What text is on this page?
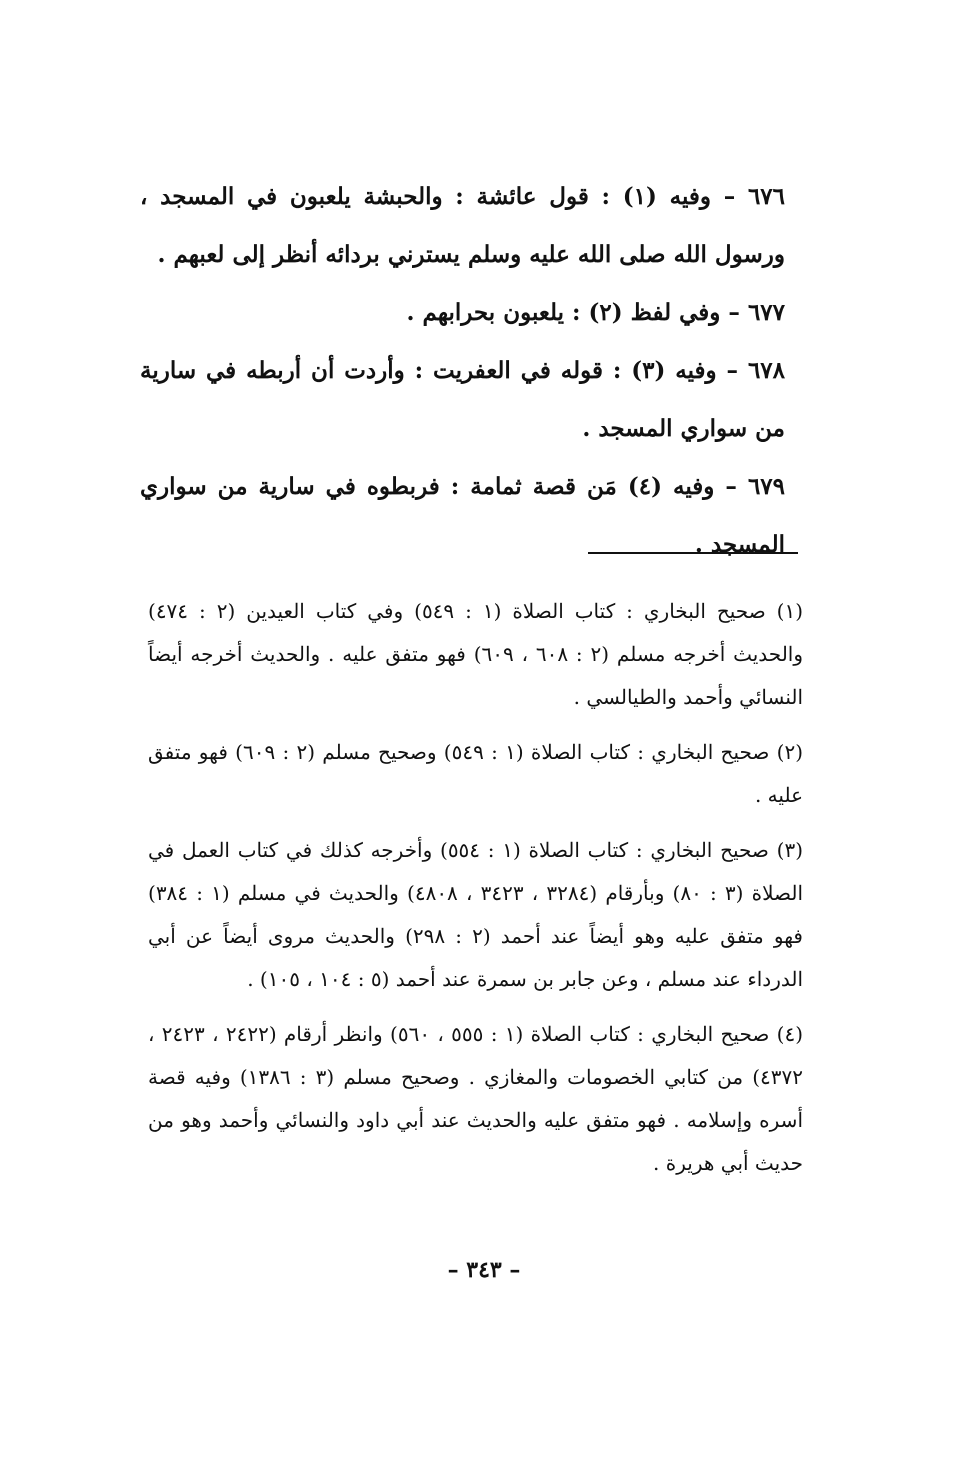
٦٧٦ – وفيه (١) : قول عائشة : والحبشة يلعبون في المسجد ، ورسول الله صلى الله عليه وسلم يسترني بردائه أنظر إلى لعبهم .

٦٧٧ – وفي لفظ (٢) : يلعبون بحرابهم .

٦٧٨ – وفيه (٣) : قوله في العفريت : وأردت أن أربطه في سارية من سواري المسجد .

٦٧٩ – وفيه (٤) مَن قصة ثمامة : فربطوه في سارية من سواري المسجد .

(١) صحيح البخاري : كتاب الصلاة (١ : ٥٤٩) وفي كتاب العيدين (٢ : ٤٧٤) والحديث أخرجه مسلم (٢ : ٦٠٨ ، ٦٠٩) فهو متفق عليه . والحديث أخرجه أيضاً النسائي وأحمد والطيالسي .

(٢) صحيح البخاري : كتاب الصلاة (١ : ٥٤٩) وصحيح مسلم (٢ : ٦٠٩) فهو متفق عليه .

(٣) صحيح البخاري : كتاب الصلاة (١ : ٥٥٤) وأخرجه كذلك في كتاب العمل في الصلاة (٣ : ٨٠) وبأرقام (٣٢٨٤ ، ٣٤٢٣ ، ٤٨٠٨) والحديث في مسلم (١ : ٣٨٤) فهو متفق عليه وهو أيضاً عند أحمد (٢ : ٢٩٨) والحديث مروى أيضاً عن أبي الدرداء عند مسلم ، وعن جابر بن سمرة عند أحمد (٥ : ١٠٤ ، ١٠٥) .

(٤) صحيح البخاري : كتاب الصلاة (١ : ٥٥٥ ، ٥٦٠) وانظر أرقام (٢٤٢٢ ، ٢٤٢٣ ، ٤٣٧٢) من كتابي الخصومات والمغازي . وصحيح مسلم (٣ : ١٣٨٦) وفيه قصة أسره وإسلامه . فهو متفق عليه والحديث عند أبي داود والنسائي وأحمد وهو من حديث أبي هريرة .

– ٣٤٣ –
